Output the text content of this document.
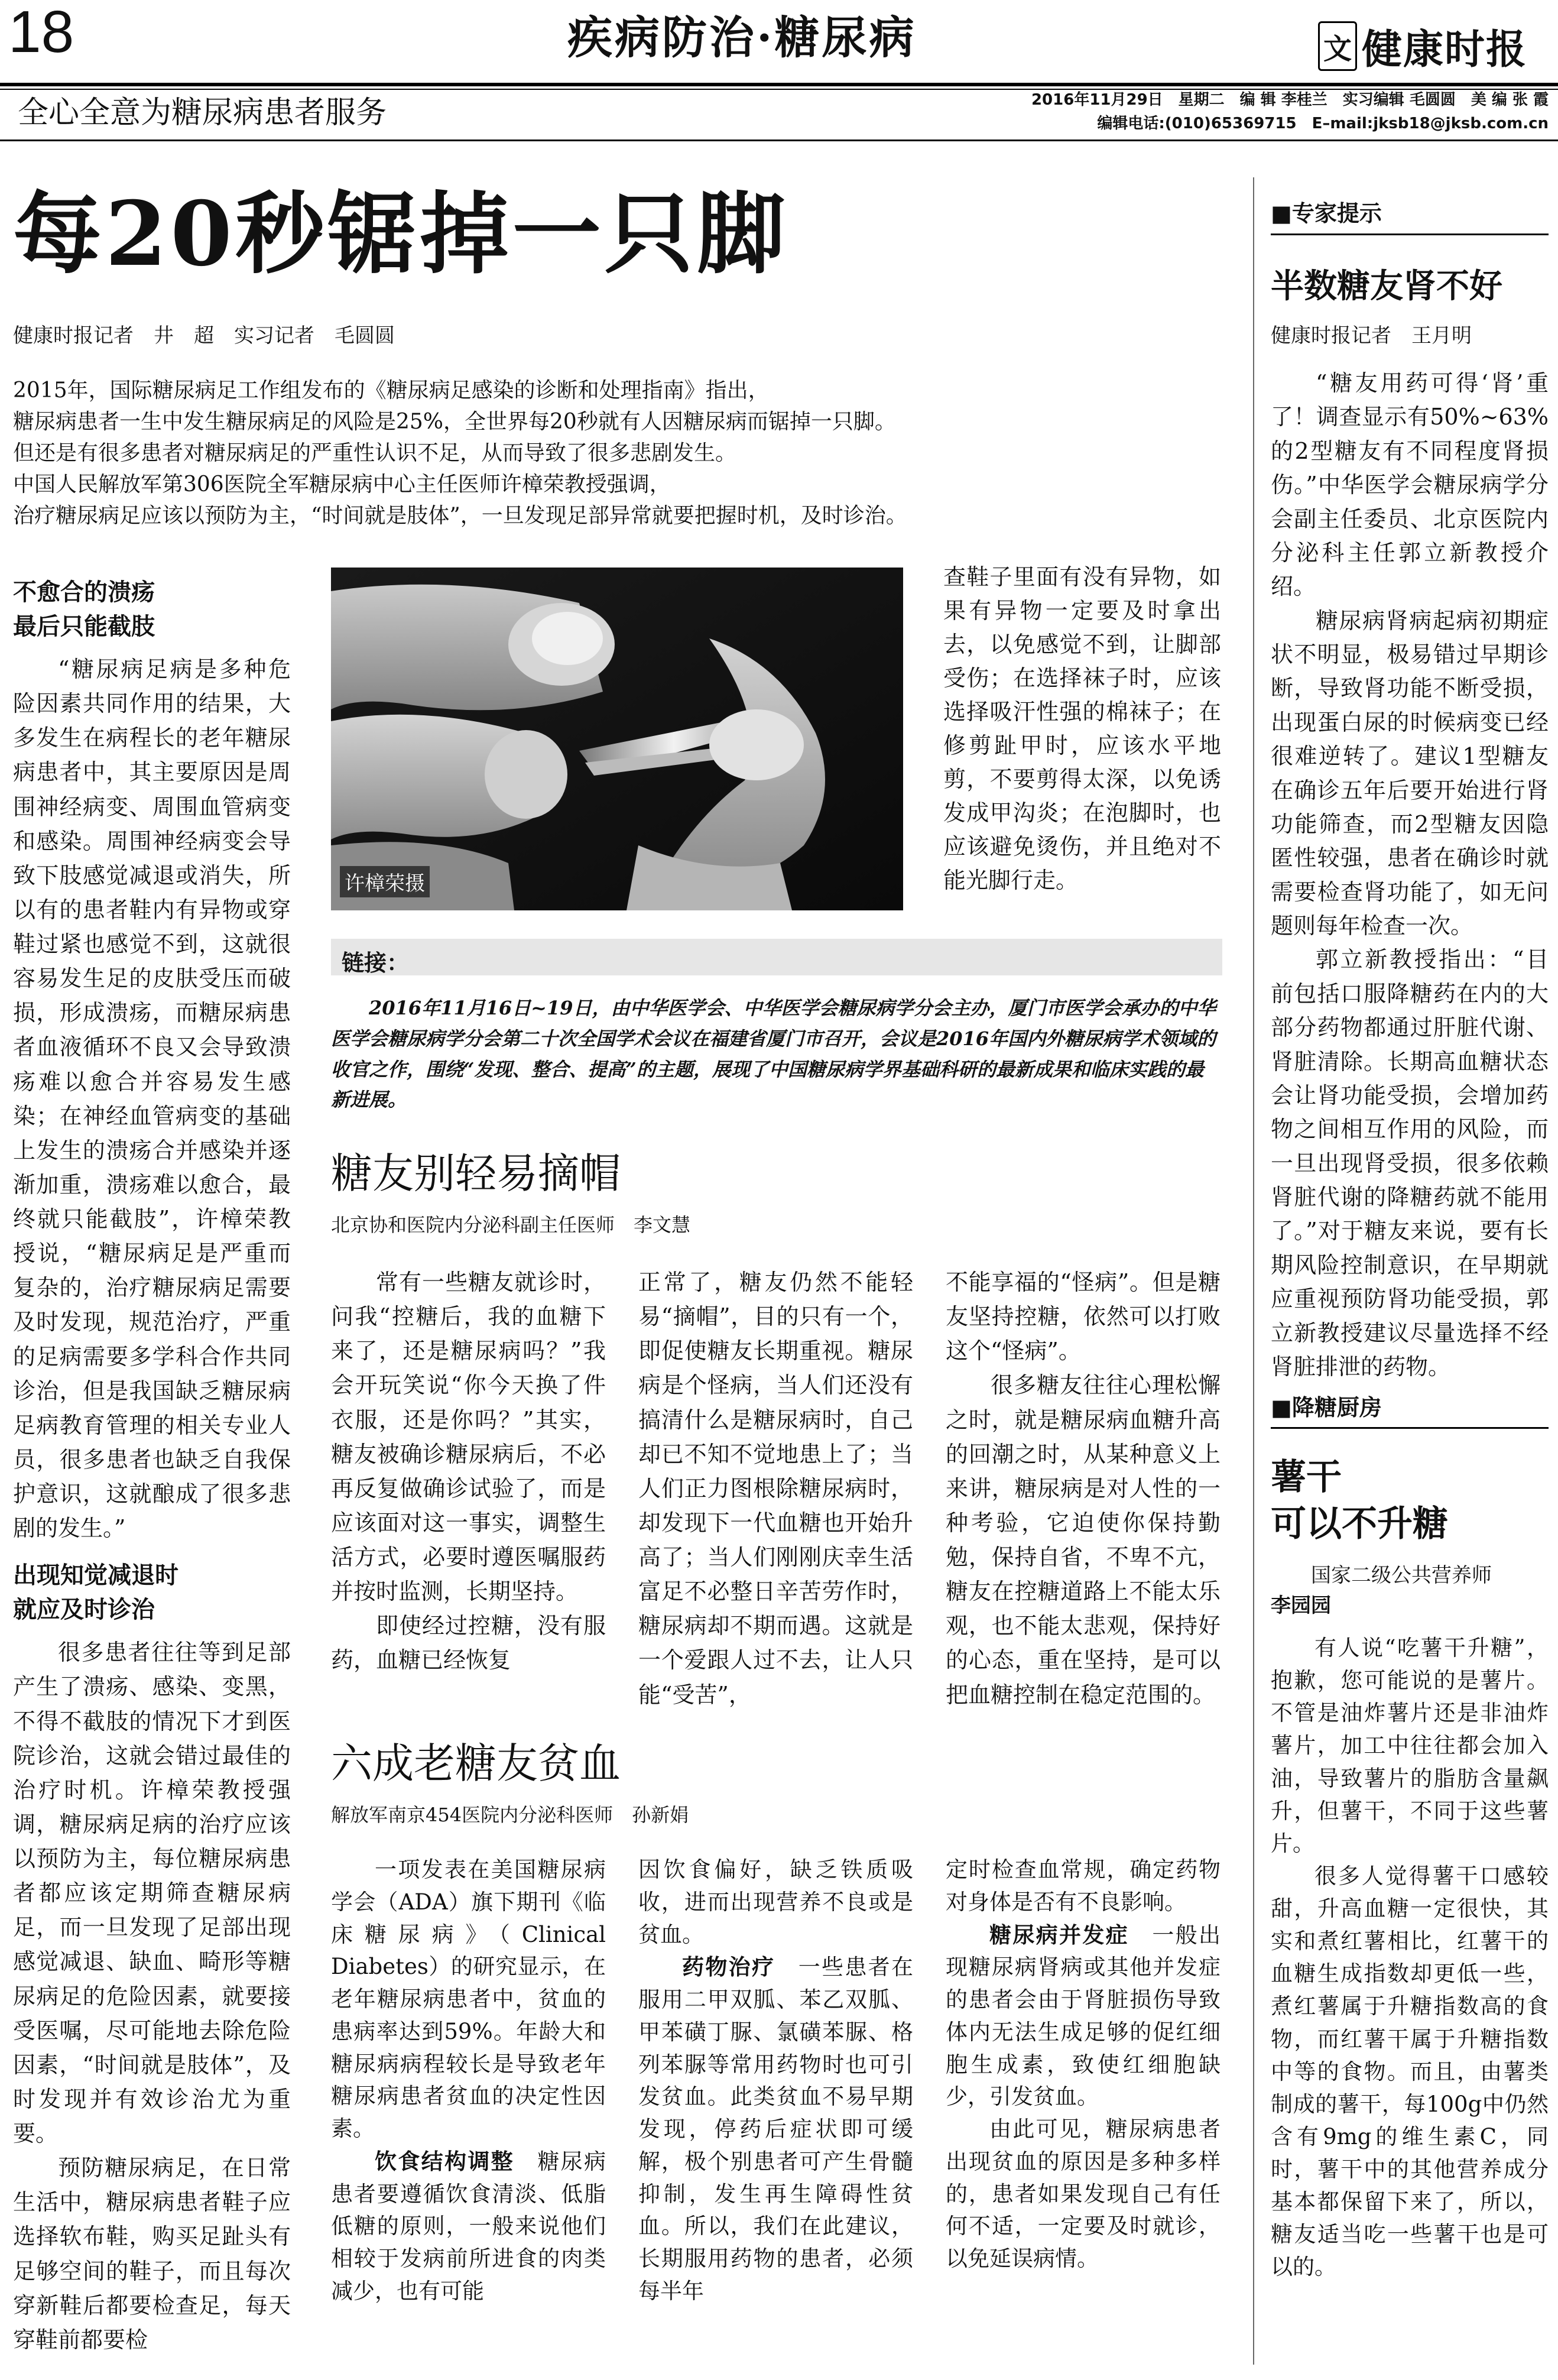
18	疾病防治·糖尿病	文 健康时报
全心全意为糖尿病患者服务	2016年11月29日　星期二　编 辑 李桂兰　实习编辑 毛圆圆　美 编 张 霞
编辑电话:(010)65369715　E–mail:jksb18@jksb.com.cn
每20秒锯掉一只脚
健康时报记者　井　超　实习记者　毛圆圆

2015年，国际糖尿病足工作组发布的《糖尿病足感染的诊断和处理指南》指出，

糖尿病患者一生中发生糖尿病足的风险是25%，全世界每20秒就有人因糖尿病而锯掉一只脚。

但还是有很多患者对糖尿病足的严重性认识不足，从而导致了很多悲剧发生。

中国人民解放军第306医院全军糖尿病中心主任医师许樟荣教授强调，

治疗糖尿病足应该以预防为主，“时间就是肢体”，一旦发现足部异常就要把握时机，及时诊治。

不愈合的溃疡

最后只能截肢

“糖尿病足病是多种危险因素共同作用的结果，大多发生在病程长的老年糖尿病患者中，其主要原因是周围神经病变、周围血管病变和感染。周围神经病变会导致下肢感觉减退或消失，所以有的患者鞋内有异物或穿鞋过紧也感觉不到，这就很容易发生足的皮肤受压而破损，形成溃疡，而糖尿病患者血液循环不良又会导致溃疡难以愈合并容易发生感染；在神经血管病变的基础上发生的溃疡合并感染并逐渐加重，溃疡难以愈合，最终就只能截肢”，许樟荣教授说，“糖尿病足是严重而复杂的，治疗糖尿病足需要及时发现，规范治疗，严重的足病需要多学科合作共同诊治，但是我国缺乏糖尿病足病教育管理的相关专业人员，很多患者也缺乏自我保护意识，这就酿成了很多悲剧的发生。”

出现知觉减退时

就应及时诊治

很多患者往往等到足部产生了溃疡、感染、变黑，不得不截肢的情况下才到医院诊治，这就会错过最佳的治疗时机。许樟荣教授强调，糖尿病足病的治疗应该以预防为主，每位糖尿病患者都应该定期筛查糖尿病足，而一旦发现了足部出现感觉减退、缺血、畸形等糖尿病足的危险因素，就要接受医嘱，尽可能地去除危险因素，“时间就是肢体”，及时发现并有效诊治尤为重要。

预防糖尿病足，在日常生活中，糖尿病患者鞋子应选择软布鞋，购买足趾头有足够空间的鞋子，而且每次穿新鞋后都要检查足，每天穿鞋前都要检

许樟荣摄
查鞋子里面有没有异物，如果有异物一定要及时拿出去，以免感觉不到，让脚部受伤；在选择袜子时，应该选择吸汗性强的棉袜子；在修剪趾甲时，应该水平地剪，不要剪得太深，以免诱发成甲沟炎；在泡脚时，也应该避免烫伤，并且绝对不能光脚行走。
链接：
2016年11月16日~19日，由中华医学会、中华医学会糖尿病学分会主办，厦门市医学会承办的中华医学会糖尿病学分会第二十次全国学术会议在福建省厦门市召开，会议是2016年国内外糖尿病学术领域的收官之作，围绕“发现、整合、提高”的主题，展现了中国糖尿病学界基础科研的最新成果和临床实践的最新进展。
糖友别轻易摘帽
北京协和医院内分泌科副主任医师　李文慧

常有一些糖友就诊时，问我“控糖后，我的血糖下来了，还是糖尿病吗？”我会开玩笑说“你今天换了件衣服，还是你吗？”其实，糖友被确诊糖尿病后，不必再反复做确诊试验了，而是应该面对这一事实，调整生活方式，必要时遵医嘱服药并按时监测，长期坚持。

即使经过控糖，没有服药，血糖已经恢复

正常了，糖友仍然不能轻易“摘帽”，目的只有一个，即促使糖友长期重视。糖尿病是个怪病，当人们还没有搞清什么是糖尿病时，自己却已不知不觉地患上了；当人们正力图根除糖尿病时，却发现下一代血糖也开始升高了；当人们刚刚庆幸生活富足不必整日辛苦劳作时，糖尿病却不期而遇。这就是一个爱跟人过不去，让人只能“受苦”，

不能享福的“怪病”。但是糖友坚持控糖，依然可以打败这个“怪病”。

很多糖友往往心理松懈之时，就是糖尿病血糖升高的回潮之时，从某种意义上来讲，糖尿病是对人性的一种考验，它迫使你保持勤勉，保持自省，不卑不亢，糖友在控糖道路上不能太乐观，也不能太悲观，保持好的心态，重在坚持，是可以把血糖控制在稳定范围的。

六成老糖友贫血
解放军南京454医院内分泌科医师　孙新娟

一项发表在美国糖尿病学会（ADA）旗下期刊《临床糖尿病》（Clinical Diabetes）的研究显示，在老年糖尿病患者中，贫血的患病率达到59%。年龄大和糖尿病病程较长是导致老年糖尿病患者贫血的决定性因素。

饮食结构调整　 糖尿病患者要遵循饮食清淡、低脂低糖的原则，一般来说他们相较于发病前所进食的肉类减少，也有可能

因饮食偏好，缺乏铁质吸收，进而出现营养不良或是贫血。

药物治疗　 一些患者在服用二甲双胍、苯乙双胍、甲苯磺丁脲、氯磺苯脲、格列苯脲等常用药物时也可引发贫血。此类贫血不易早期发现，停药后症状即可缓解，极个别患者可产生骨髓抑制，发生再生障碍性贫血。所以，我们在此建议，长期服用药物的患者，必须每半年

定时检查血常规，确定药物对身体是否有不良影响。

糖尿病并发症　 一般出现糖尿病肾病或其他并发症的患者会由于肾脏损伤导致体内无法生成足够的促红细胞生成素，致使红细胞缺少，引发贫血。

由此可见，糖尿病患者出现贫血的原因是多种多样的，患者如果发现自己有任何不适，一定要及时就诊，以免延误病情。

■专家提示
半数糖友肾不好
健康时报记者　王月明

“糖友用药可得‘肾’重了！调查显示有50%~63%的2型糖友有不同程度肾损伤。”中华医学会糖尿病学分会副主任委员、北京医院内分泌科主任郭立新教授介绍。

糖尿病肾病起病初期症状不明显，极易错过早期诊断，导致肾功能不断受损，出现蛋白尿的时候病变已经很难逆转了。建议1型糖友在确诊五年后要开始进行肾功能筛查，而2型糖友因隐匿性较强，患者在确诊时就需要检查肾功能了，如无问题则每年检查一次。

郭立新教授指出：“目前包括口服降糖药在内的大部分药物都通过肝脏代谢、肾脏清除。长期高血糖状态会让肾功能受损，会增加药物之间相互作用的风险，而一旦出现肾受损，很多依赖肾脏代谢的降糖药就不能用了。”对于糖友来说，要有长期风险控制意识，在早期就应重视预防肾功能受损，郭立新教授建议尽量选择不经肾脏排泄的药物。

■降糖厨房

薯干

可以不升糖

国家二级公共营养师

李园园

有人说“吃薯干升糖”，抱歉，您可能说的是薯片。不管是油炸薯片还是非油炸薯片，加工中往往都会加入油，导致薯片的脂肪含量飙升，但薯干，不同于这些薯片。

很多人觉得薯干口感较甜，升高血糖一定很快，其实和煮红薯相比，红薯干的血糖生成指数却更低一些，煮红薯属于升糖指数高的食物，而红薯干属于升糖指数中等的食物。而且，由薯类制成的薯干，每100g中仍然含有9mg的维生素C，同时，薯干中的其他营养成分基本都保留下来了，所以，糖友适当吃一些薯干也是可以的。
